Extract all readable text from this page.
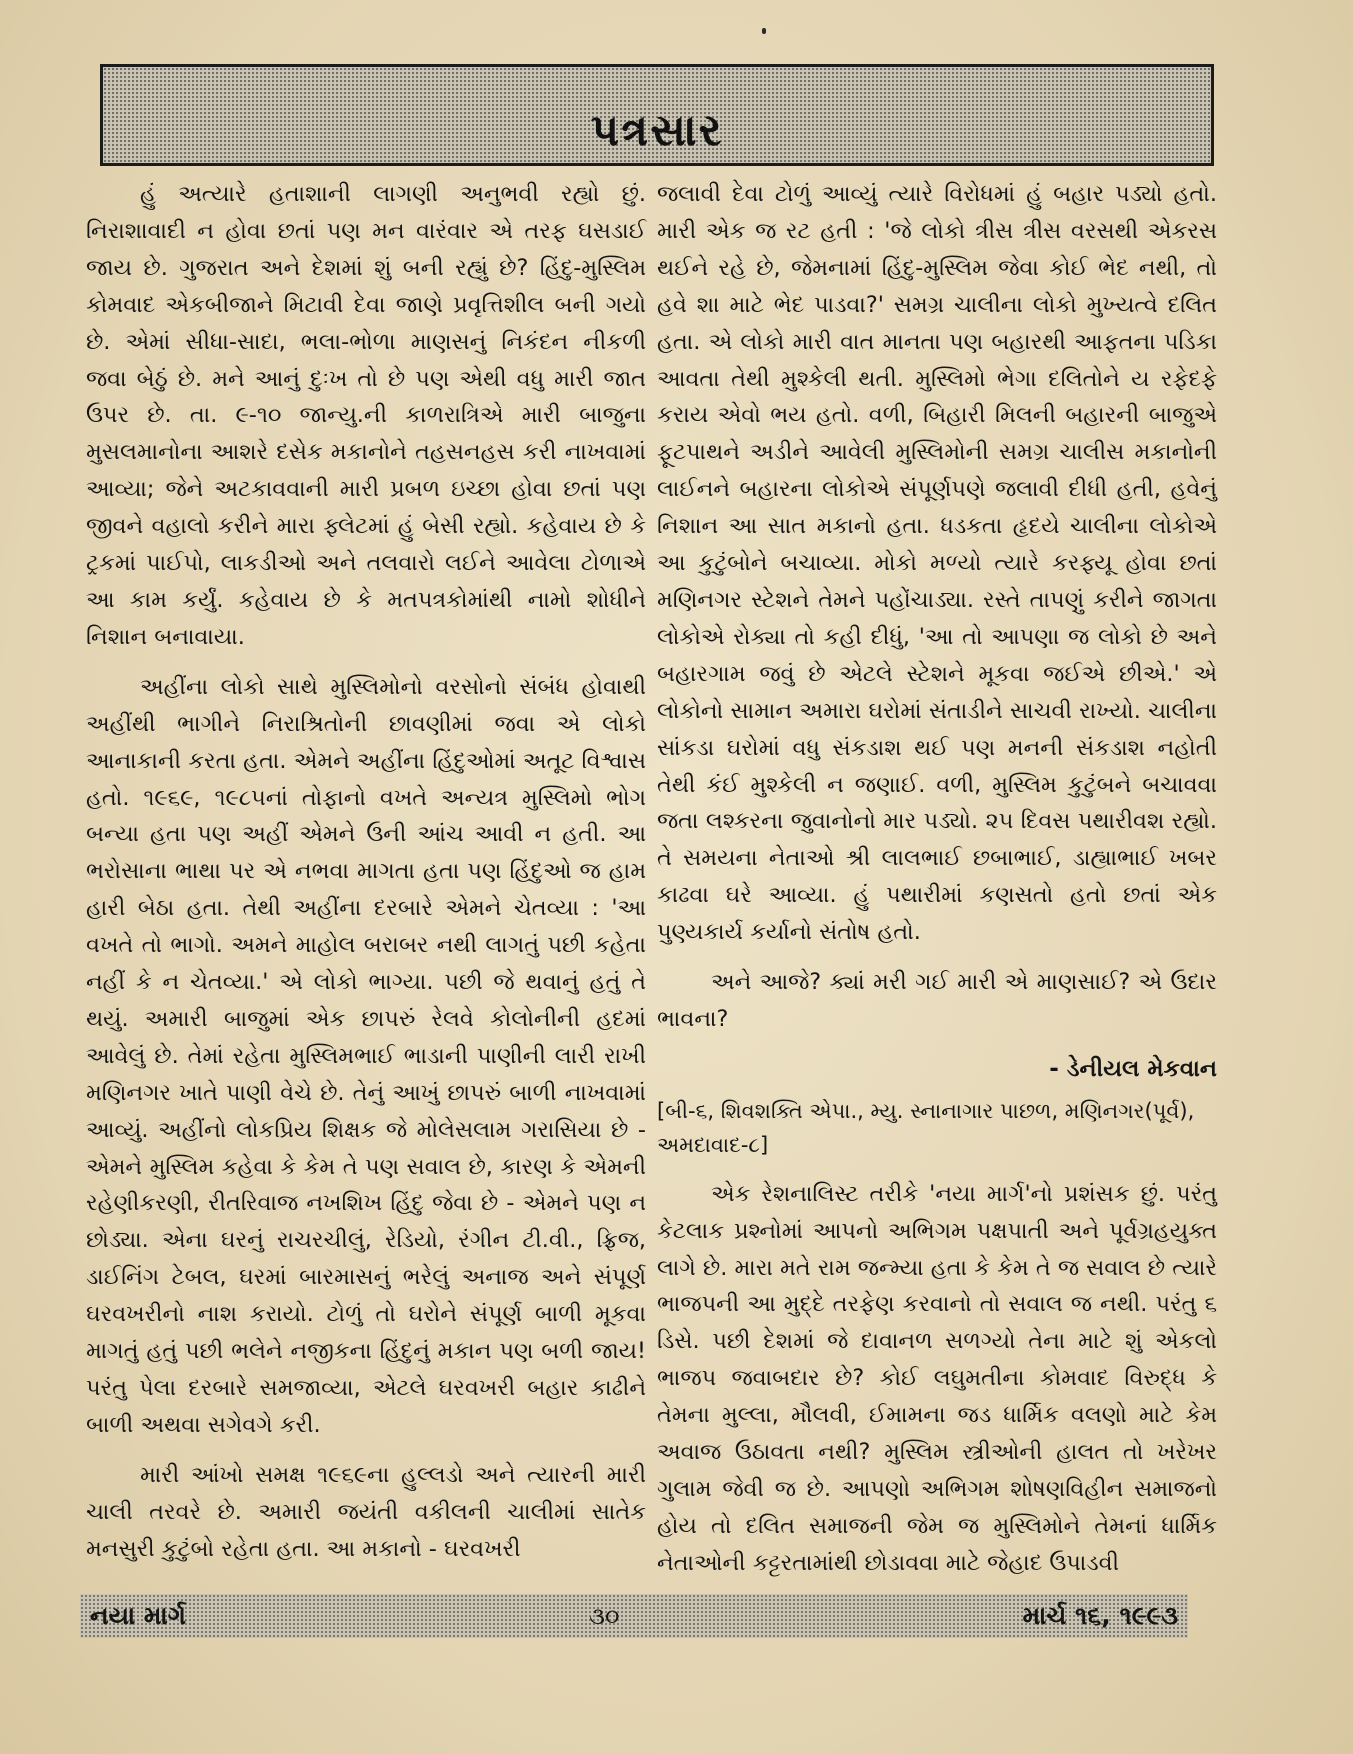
પત્રસાર

હું અત્યારે હતાશાની લાગણી અનુભવી રહ્યો છું. નિરાશાવાદી ન હોવા છતાં પણ મન વારંવાર એ તરફ ઘસડાઈ જાય છે. ગુજરાત અને દેશમાં શું બની રહ્યું છે? હિંદુ-મુસ્લિમ કોમવાદ એકબીજાને મિટાવી દેવા જાણે પ્રવૃત્તિશીલ બની ગયો છે. એમાં સીધા-સાદા, ભલા-ભોળા માણસનું નિકંદન નીકળી જવા બેઠું છે. મને આનું દુઃખ તો છે પણ એથી વધુ મારી જાત ઉપર છે. તા. ૯-૧૦ જાન્યુ.ની કાળરાત્રિએ મારી બાજુના મુસલમાનોના આશરે દસેક મકાનોને તહસનહસ કરી નાખવામાં આવ્યા; જેને અટકાવવાની મારી પ્રબળ ઇચ્છા હોવા છતાં પણ જીવને વહાલો કરીને મારા ફ્લેટમાં હું બેસી રહ્યો. કહેવાય છે કે ટ્રકમાં પાઈપો, લાકડીઓ અને તલવારો લઈને આવેલા ટોળાએ આ કામ કર્યું. કહેવાય છે કે મતપત્રકોમાંથી નામો શોધીને નિશાન બનાવાયા.

અહીંના લોકો સાથે મુસ્લિમોનો વરસોનો સંબંધ હોવાથી અહીંથી ભાગીને નિરાશ્રિતોની છાવણીમાં જવા એ લોકો આનાકાની કરતા હતા. એમને અહીંના હિંદુઓમાં અતૂટ વિશ્વાસ હતો. ૧૯૬૯, ૧૯૮૫નાં તોફાનો વખતે અન્યત્ર મુસ્લિમો ભોગ બન્યા હતા પણ અહીં એમને ઉની આંચ આવી ન હતી. આ ભરોસાના ભાથા પર એ નભવા માગતા હતા પણ હિંદુઓ જ હામ હારી બેઠા હતા. તેથી અહીંના દરબારે એમને ચેતવ્યા : 'આ વખતે તો ભાગો. અમને માહોલ બરાબર નથી લાગતું પછી કહેતા નહીં કે ન ચેતવ્યા.' એ લોકો ભાગ્યા. પછી જે થવાનું હતું તે થયું. અમારી બાજુમાં એક છાપરું રેલવે કોલોનીની હદમાં આવેલું છે. તેમાં રહેતા મુસ્લિમભાઈ ભાડાની પાણીની લારી રાખી મણિનગર ખાતે પાણી વેચે છે. તેનું આખું છાપરું બાળી નાખવામાં આવ્યું. અહીંનો લોકપ્રિય શિક્ષક જે મોલેસલામ ગરાસિયા છે - એમને મુસ્લિમ કહેવા કે કેમ તે પણ સવાલ છે, કારણ કે એમની રહેણીકરણી, રીતરિવાજ નખશિખ હિંદુ જેવા છે - એમને પણ ન છોડ્યા. એના ઘરનું રાચરચીલું, રેડિયો, રંગીન ટી.વી., ફ્રિજ, ડાઈનિંગ ટેબલ, ઘરમાં બારમાસનું ભરેલું અનાજ અને સંપૂર્ણ ઘરવખરીનો નાશ કરાયો. ટોળું તો ઘરોને સંપૂર્ણ બાળી મૂકવા માગતું હતું પછી ભલેને નજીકના હિંદુનું મકાન પણ બળી જાય! પરંતુ પેલા દરબારે સમજાવ્યા, એટલે ઘરવખરી બહાર કાઢીને બાળી અથવા સગેવગે કરી.

મારી આંખો સમક્ષ ૧૯૬૯ના હુલ્લડો અને ત્યારની મારી ચાલી તરવરે છે. અમારી જયંતી વકીલની ચાલીમાં સાતેક મનસુરી કુટુંબો રહેતા હતા. આ મકાનો - ઘરવખરી

જલાવી દેવા ટોળું આવ્યું ત્યારે વિરોધમાં હું બહાર પડ્યો હતો. મારી એક જ રટ હતી : 'જે લોકો ત્રીસ ત્રીસ વરસથી એકરસ થઈને રહે છે, જેમનામાં હિંદુ-મુસ્લિમ જેવા કોઈ ભેદ નથી, તો હવે શા માટે ભેદ પાડવા?' સમગ્ર ચાલીના લોકો મુખ્યત્વે દલિત હતા. એ લોકો મારી વાત માનતા પણ બહારથી આફતના પડિકા આવતા તેથી મુશ્કેલી થતી. મુસ્લિમો ભેગા દલિતોને ય રફેદફે કરાય એવો ભય હતો. વળી, બિહારી મિલની બહારની બાજુએ ફૂટપાથને અડીને આવેલી મુસ્લિમોની સમગ્ર ચાલીસ મકાનોની લાઈનને બહારના લોકોએ સંપૂર્ણપણે જલાવી દીધી હતી, હવેનું નિશાન આ સાત મકાનો હતા. ધડકતા હૃદયે ચાલીના લોકોએ આ કુટુંબોને બચાવ્યા. મોકો મળ્યો ત્યારે કરફ્યૂ હોવા છતાં મણિનગર સ્ટેશને તેમને પહોંચાડ્યા. રસ્તે તાપણું કરીને જાગતા લોકોએ રોક્યા તો કહી દીધું, 'આ તો આપણા જ લોકો છે અને બહારગામ જવું છે એટલે સ્ટેશને મૂકવા જઈએ છીએ.' એ લોકોનો સામાન અમારા ઘરોમાં સંતાડીને સાચવી રાખ્યો. ચાલીના સાંકડા ઘરોમાં વધુ સંકડાશ થઈ પણ મનની સંકડાશ નહોતી તેથી કંઈ મુશ્કેલી ન જણાઈ. વળી, મુસ્લિમ કુટુંબને બચાવવા જતા લશ્કરના જુવાનોનો માર પડ્યો. ૨૫ દિવસ પથારીવશ રહ્યો. તે સમયના નેતાઓ શ્રી લાલભાઈ છબાભાઈ, ડાહ્યાભાઈ ખબર કાઢવા ઘરે આવ્યા. હું પથારીમાં કણસતો હતો છતાં એક પુણ્યકાર્ય કર્યાનો સંતોષ હતો.

અને આજે? ક્યાં મરી ગઈ મારી એ માણસાઈ? એ ઉદાર ભાવના?

- ડેનીયલ મેકવાન
[બી-૬, શિવશક્તિ એપા., મ્યુ. સ્નાનાગાર પાછળ, મણિનગર(પૂર્વ), અમદાવાદ-૮]

એક રેશનાલિસ્ટ તરીકે 'નયા માર્ગ'નો પ્રશંસક છું. પરંતુ કેટલાક પ્રશ્નોમાં આપનો અભિગમ પક્ષપાતી અને પૂર્વગ્રહયુક્ત લાગે છે. મારા મતે રામ જન્મ્યા હતા કે કેમ તે જ સવાલ છે ત્યારે ભાજપની આ મુદ્દે તરફેણ કરવાનો તો સવાલ જ નથી. પરંતુ ૬ ડિસે. પછી દેશમાં જે દાવાનળ સળગ્યો તેના માટે શું એકલો ભાજપ જવાબદાર છે? કોઈ લઘુમતીના કોમવાદ વિરુદ્ધ કે તેમના મુલ્લા, મૌલવી, ઈમામના જડ ધાર્મિક વલણો માટે કેમ અવાજ ઉઠાવતા નથી? મુસ્લિમ સ્ત્રીઓની હાલત તો ખરેખર ગુલામ જેવી જ છે. આપણો અભિગમ શોષણવિહીન સમાજનો હોય તો દલિત સમાજની જેમ જ મુસ્લિમોને તેમનાં ધાર્મિક નેતાઓની કટ્ટરતામાંથી છોડાવવા માટે જેહાદ ઉપાડવી

નયા માર્ગ	૩૦	માર્ચ ૧૬, ૧૯૯૩
